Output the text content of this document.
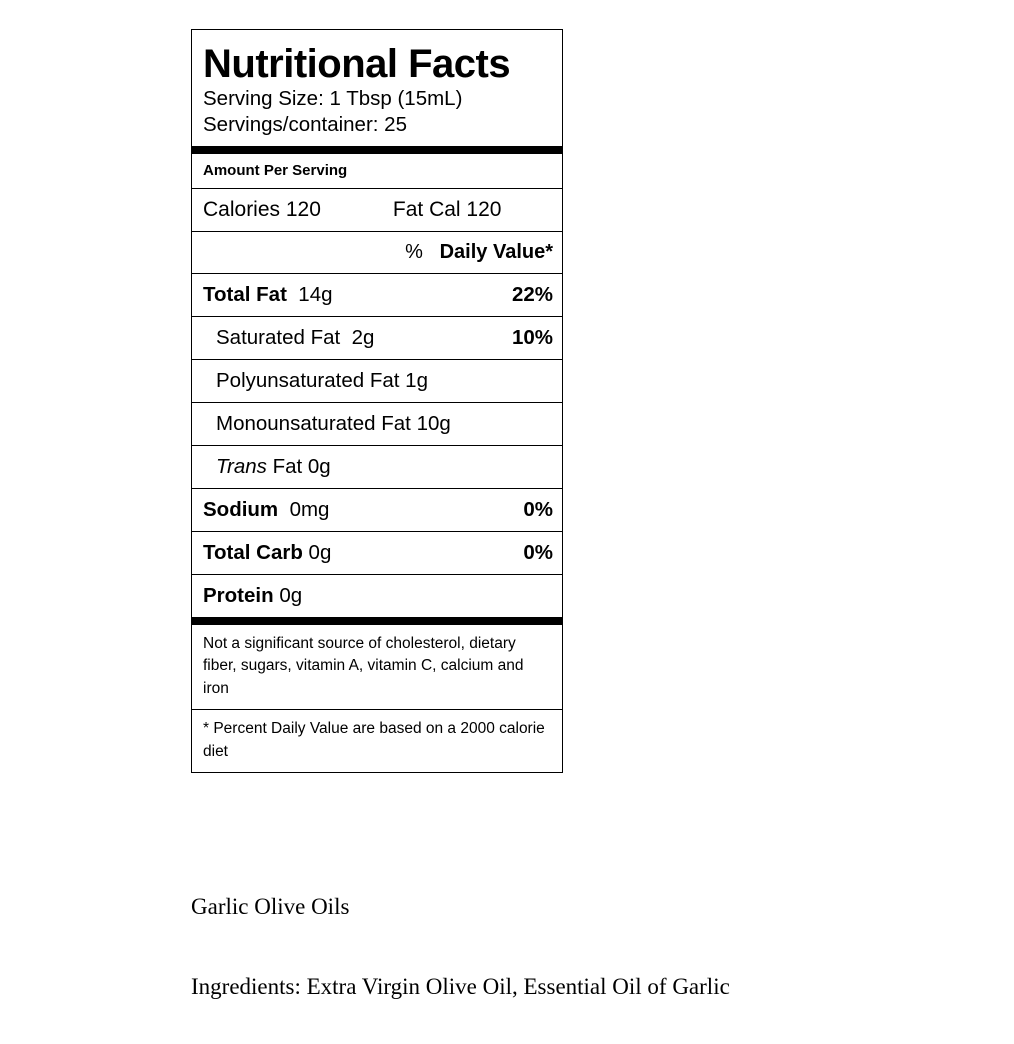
Nutritional Facts
Serving Size: 1 Tbsp (15mL)
Servings/container: 25
Amount Per Serving
Calories 120	Fat Cal 120
% Daily Value*
Total Fat  14g	22%
Saturated Fat  2g	10%
Polyunsaturated Fat 1g
Monounsaturated Fat 10g
Trans Fat 0g
Sodium  0mg	0%
Total Carb 0g	0%
Protein 0g
Not a significant source of cholesterol, dietary fiber, sugars, vitamin A, vitamin C, calcium and iron
* Percent Daily Value are based on a 2000 calorie diet
Garlic Olive Oils
Ingredients: Extra Virgin Olive Oil, Essential Oil of Garlic
